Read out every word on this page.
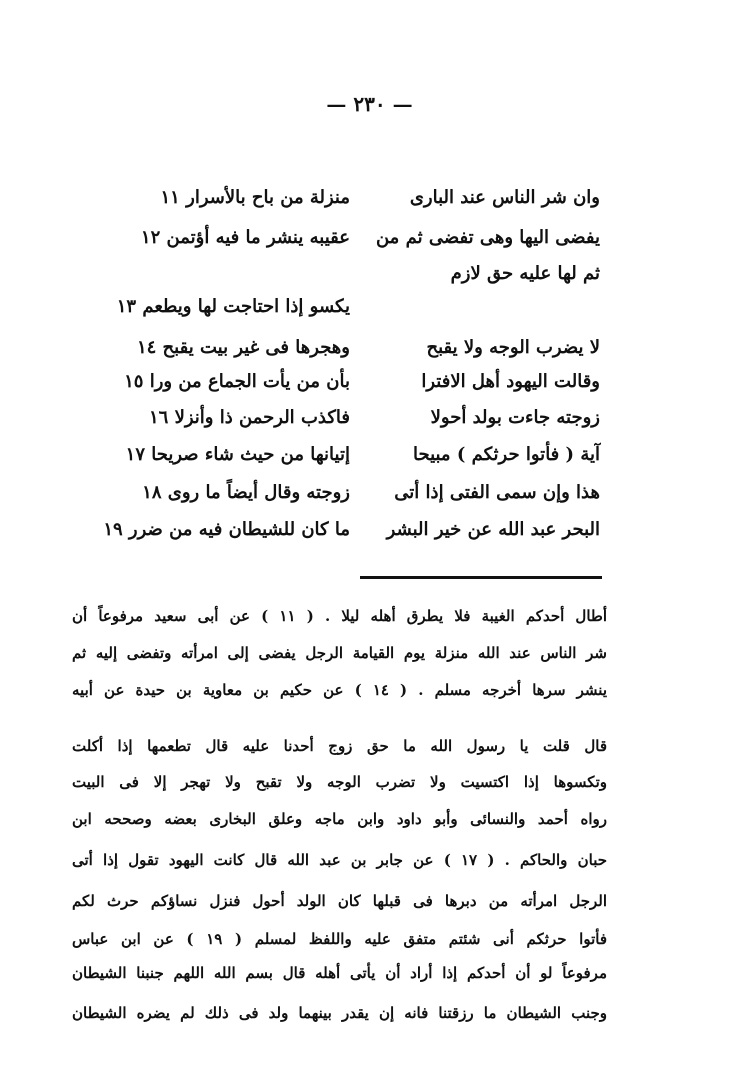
— ٢٣٠ —
وان شر الناس عند البارى
منزلة من باح بالأسرار ١١
يفضى اليها وهى تفضى ثم من
عقيبه ينشر ما فيه أؤتمن ١٢
ثم لها عليه حق لازم
يكسو إذا احتاجت لها ويطعم ١٣
لا يضرب الوجه ولا يقبح
وهجرها فى غير بيت يقبح ١٤
وقالت اليهود أهل الافترا
بأن من يأت الجماع من ورا ١٥
زوجته جاءت بولد أحولا
فاكذب الرحمن ذا وأنزلا ١٦
آية ( فأتوا حرثكم ) مبيحا
إتيانها من حيث شاء صريحا ١٧
هذا وإن سمى الفتى إذا أتى
زوجته وقال أيضاً ما روى ١٨
البحر عبد الله عن خير البشر
ما كان للشيطان فيه من ضرر ١٩
أطال أحدكم الغيبة فلا يطرق أهله ليلا . ( ١١ ) عن أبى سعيد مرفوعاً أن
شر الناس عند الله منزلة يوم القيامة الرجل يفضى إلى امرأته وتفضى إليه ثم
ينشر سرها أخرجه مسلم . ( ١٤ ) عن حكيم بن معاوية بن حيدة عن أبيه
قال قلت يا رسول الله ما حق زوج أحدنا عليه قال تطعمها إذا أكلت
وتكسوها إذا اكتسيت ولا تضرب الوجه ولا تقبح ولا تهجر إلا فى البيت
رواه أحمد والنسائى وأبو داود وابن ماجه وعلق البخارى بعضه وصححه ابن
حبان والحاكم . ( ١٧ ) عن جابر بن عبد الله قال كانت اليهود تقول إذا أتى
الرجل امرأته من دبرها فى قبلها كان الولد أحول فنزل نساؤكم حرث لكم
فأتوا حرثكم أنى شئتم متفق عليه واللفظ لمسلم ( ١٩ ) عن ابن عباس
مرفوعاً لو أن أحدكم إذا أراد أن يأتى أهله قال بسم الله اللهم جنبنا الشيطان
وجنب الشيطان ما رزقتنا فانه إن يقدر بينهما ولد فى ذلك لم يضره الشيطان
